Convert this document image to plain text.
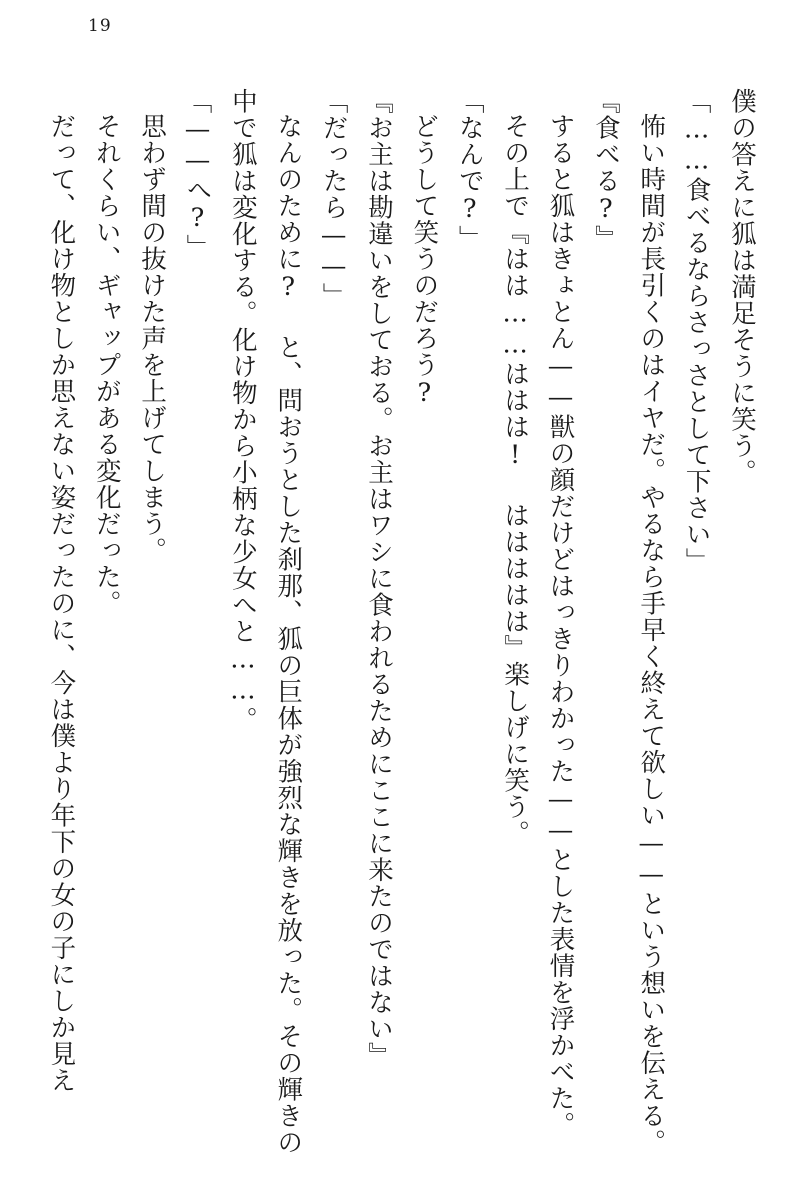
19

僕の答えに狐は満足そうに笑う。

「……食べるならさっさとして下さい」

怖い時間が長引くのはイヤだ。やるなら手早く終えて欲しい——という想いを伝える。

『食べる?』

すると狐はきょとん——獣の顔だけどはっきりわかった——とした表情を浮かべた。

その上で『はは……ははは! ははははは』楽しげに笑う。

「なんで?」

どうして笑うのだろう?

『お主は勘違いをしておる。お主はワシに食われるためにここに来たのではない』

「だったら——」

なんのために? と、問おうとした刹那、狐の巨体が強烈な輝きを放った。その輝きの中で狐は変化する。化け物から小柄な少女へと……。

「——へ?」

思わず間の抜けた声を上げてしまう。

それくらい、ギャップがある変化だった。

だって、化け物としか思えない姿だったのに、今は僕より年下の女の子にしか見え
